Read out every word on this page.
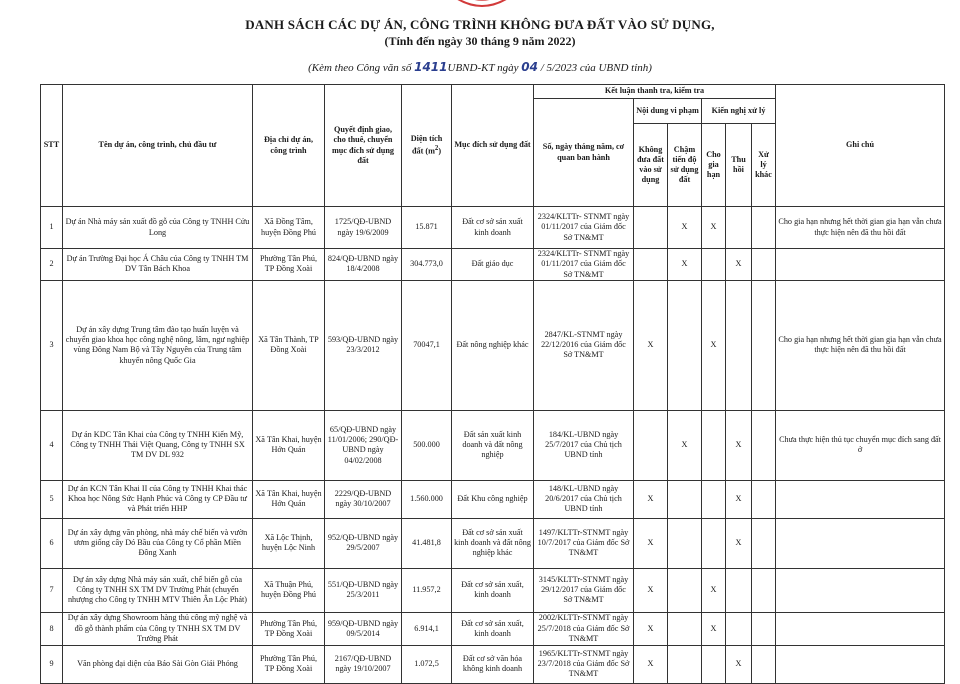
DANH SÁCH CÁC DỰ ÁN, CÔNG TRÌNH KHÔNG ĐƯA ĐẤT VÀO SỬ DỤNG,
(Tính đến ngày 30 tháng 9 năm 2022)
(Kèm theo Công văn số 1411UBND-KT ngày 04 / 5/2023 của UBND tỉnh)
STT	Tên dự án, công trình, chủ đầu tư	Địa chỉ dự án, công trình	Quyết định giao, cho thuê, chuyển mục đích sử dụng đất	Diện tích đất $(m^2)$	Mục đích sử dụng đất	Kết luận thanh tra, kiểm tra						Ghi chú
						Số, ngày tháng năm, cơ quan ban hành	Nội dung vi phạm		Kiến nghị xử lý			
							Không đưa đất vào sử dụng	Chậm tiến độ sử dụng đất	Cho gia hạn	Thu hồi	Xử lý khác	

1	Dự án Nhà máy sản xuất đồ gỗ của Công ty TNHH Cửu Long	Xã Đồng Tâm, huyện Đồng Phú	1725/QĐ-UBND ngày 19/6/2009	15.871	Đất cơ sở sản xuất kinh doanh	2324/KLTTr- STNMT ngày 01/11/2017 của Giám đốc Sở TN&MT		X	X			Cho gia hạn nhưng hết thời gian gia hạn vẫn chưa thực hiện nên đã thu hồi đất
2	Dự án Trường Đại học Á Châu của Công ty TNHH TM DV Tân Bách Khoa	Phường Tân Phú, TP Đồng Xoài	824/QĐ-UBND ngày 18/4/2008	304.773,0	Đất giáo dục	2324/KLTTr- STNMT ngày 01/11/2017 của Giám đốc Sở TN&MT		X		X		
3	Dự án xây dựng Trung tâm đào tạo huấn luyện và chuyển giao khoa học công nghệ nông, lâm, ngư nghiệp vùng Đông Nam Bộ và Tây Nguyên của Trung tâm khuyến nông Quốc Gia	Xã Tân Thành, TP Đồng Xoài	593/QĐ-UBND ngày 23/3/2012	70047,1	Đất nông nghiệp khác	2847/KL-STNMT ngày 22/12/2016 của Giám đốc Sở TN&MT	X		X			Cho gia hạn nhưng hết thời gian gia hạn vẫn chưa thực hiện nên đã thu hồi đất
4	Dự án KDC Tân Khai của Công ty TNHH Kiến Mỹ, Công ty TNHH Thái Việt Quang, Công ty TNHH SX TM DV DL 932	Xã Tân Khai, huyện Hớn Quản	65/QĐ-UBND ngày 11/01/2006; 290/QĐ-UBND ngày 04/02/2008	500.000	Đất sản xuất kinh doanh và đất nông nghiệp	184/KL-UBND ngày 25/7/2017 của Chủ tịch UBND tỉnh		X		X		Chưa thực hiện thủ tục chuyển mục đích sang đất ở
5	Dự án KCN Tân Khai II của Công ty TNHH Khai thác Khoa học Nông Sức Hạnh Phúc và Công ty CP Đầu tư và Phát triển HHP	Xã Tân Khai, huyện Hớn Quản	2229/QĐ-UBND ngày 30/10/2007	1.560.000	Đất Khu công nghiệp	148/KL-UBND ngày 20/6/2017 của Chủ tịch UBND tỉnh	X			X		
6	Dự án xây dựng văn phòng, nhà máy chế biến và vườn ươm giống cây Dó Bầu của Công ty Cổ phần Miền Đông Xanh	Xã Lộc Thịnh, huyện Lộc Ninh	952/QĐ-UBND ngày 29/5/2007	41.481,8	Đất cơ sở sản xuất kinh doanh và đất nông nghiệp khác	1497/KLTTr-STNMT ngày 10/7/2017 của Giám đốc Sở TN&MT	X			X		
7	Dự án xây dựng Nhà máy sản xuất, chế biến gỗ của Công ty TNHH SX TM DV Trường Phát (chuyển nhượng cho Công ty TNHH MTV Thiên Ân Lộc Phát)	Xã Thuận Phú, huyện Đồng Phú	551/QĐ-UBND ngày 25/3/2011	11.957,2	Đất cơ sở sản xuất, kinh doanh	3145/KLTTr-STNMT ngày 29/12/2017 của Giám đốc Sở TN&MT	X		X			
8	Dự án xây dựng Showroom hàng thủ công mỹ nghệ và đồ gỗ thành phẩm của Công ty TNHH SX TM DV Trường Phát	Phường Tân Phú, TP Đồng Xoài	959/QĐ-UBND ngày 09/5/2014	6.914,1	Đất cơ sở sản xuất, kinh doanh	2002/KLTTr-STNMT ngày 25/7/2018 của Giám đốc Sở TN&MT	X		X			
9	Văn phòng đại diện của Báo Sài Gòn Giải Phóng	Phường Tân Phú, TP Đồng Xoài	2167/QĐ-UBND ngày 19/10/2007	1.072,5	Đất cơ sở văn hóa không kinh doanh	1965/KLTTr-STNMT ngày 23/7/2018 của Giám đốc Sở TN&MT	X			X		
